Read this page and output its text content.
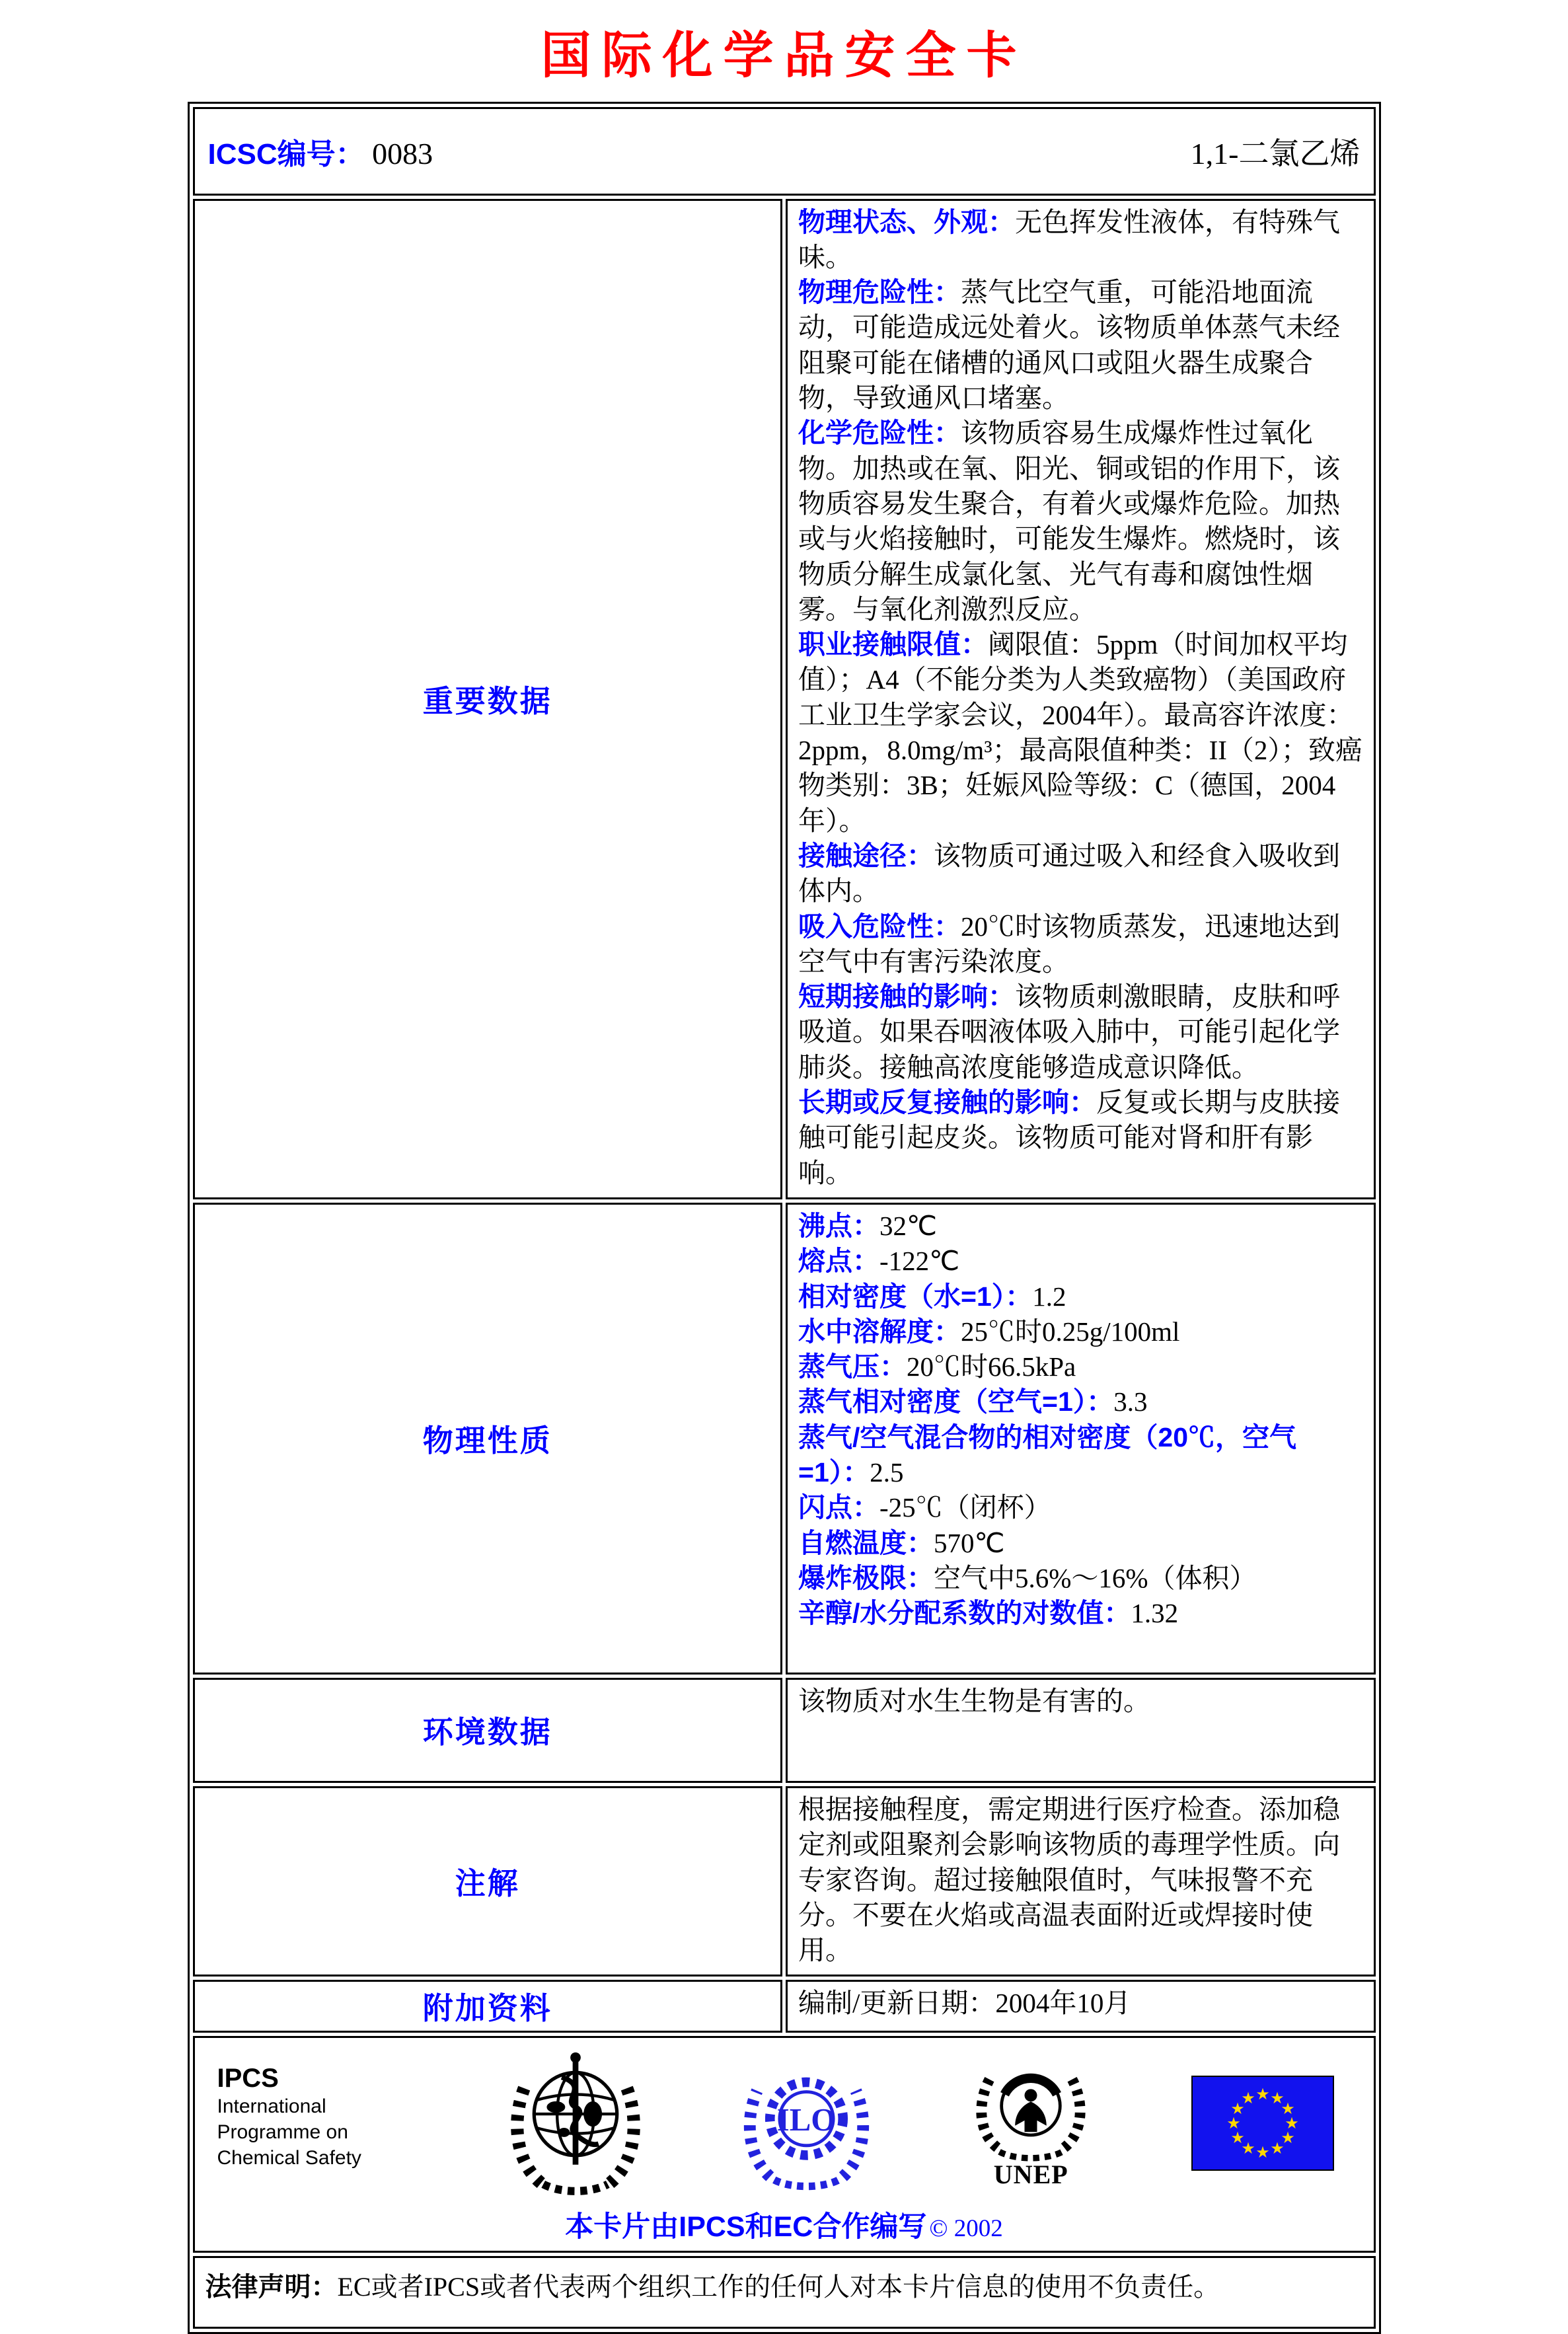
国际化学品安全卡
ICSC编号： 0083 1,1-二氯乙烯	

重要数据	
物理状态、外观：无色挥发性液体，有特殊气味。
物理危险性：蒸气比空气重，可能沿地面流动，可能造成远处着火。该物质单体蒸气未经阻聚可能在储槽的通风口或阻火器生成聚合物，导致通风口堵塞。
化学危险性：该物质容易生成爆炸性过氧化物。加热或在氧、阳光、铜或铝的作用下，该物质容易发生聚合，有着火或爆炸危险。加热或与火焰接触时，可能发生爆炸。燃烧时，该物质分解生成氯化氢、光气有毒和腐蚀性烟雾。与氧化剂激烈反应。
职业接触限值：阈限值：5ppm（时间加权平均值）；A4（不能分类为人类致癌物）（美国政府工业卫生学家会议，2004年）。最高容许浓度：2ppm，8.0mg/m³；最高限值种类：II（2）；致癌物类别：3B；妊娠风险等级：C（德国，2004年）。
接触途径：该物质可通过吸入和经食入吸收到体内。
吸入危险性：20℃时该物质蒸发，迅速地达到空气中有害污染浓度。
短期接触的影响：该物质刺激眼睛，皮肤和呼吸道。如果吞咽液体吸入肺中，可能引起化学肺炎。接触高浓度能够造成意识降低。
长期或反复接触的影响：反复或长期与皮肤接触可能引起皮炎。该物质可能对肾和肝有影响。

物理性质	
沸点：32℃
熔点：-122℃
相对密度（水=1）：1.2
水中溶解度：25℃时0.25g/100ml
蒸气压：20℃时66.5kPa
蒸气相对密度（空气=1）：3.3
蒸气/空气混合物的相对密度（20℃，空气=1）：2.5
闪点：-25℃（闭杯）
自燃温度：570℃
爆炸极限：空气中5.6%～16%（体积）
辛醇/水分配系数的对数值：1.32

环境数据	该物质对水生生物是有害的。
注解	根据接触程度，需定期进行医疗检查。添加稳定剂或阻聚剂会影响该物质的毒理学性质。向专家咨询。超过接触限值时，气味报警不充分。不要在火焰或高温表面附近或焊接时使用。
附加资料	编制/更新日期：2004年10月

IPCS
International
Programme on
Chemical Safety
ILO
UNEP
★ ★
★
★
★
★
★
★
★
★
★
★
本卡片由IPCS和EC合作编写 © 2002

法律声明：EC或者IPCS或者代表两个组织工作的任何人对本卡片信息的使用不负责任。	
